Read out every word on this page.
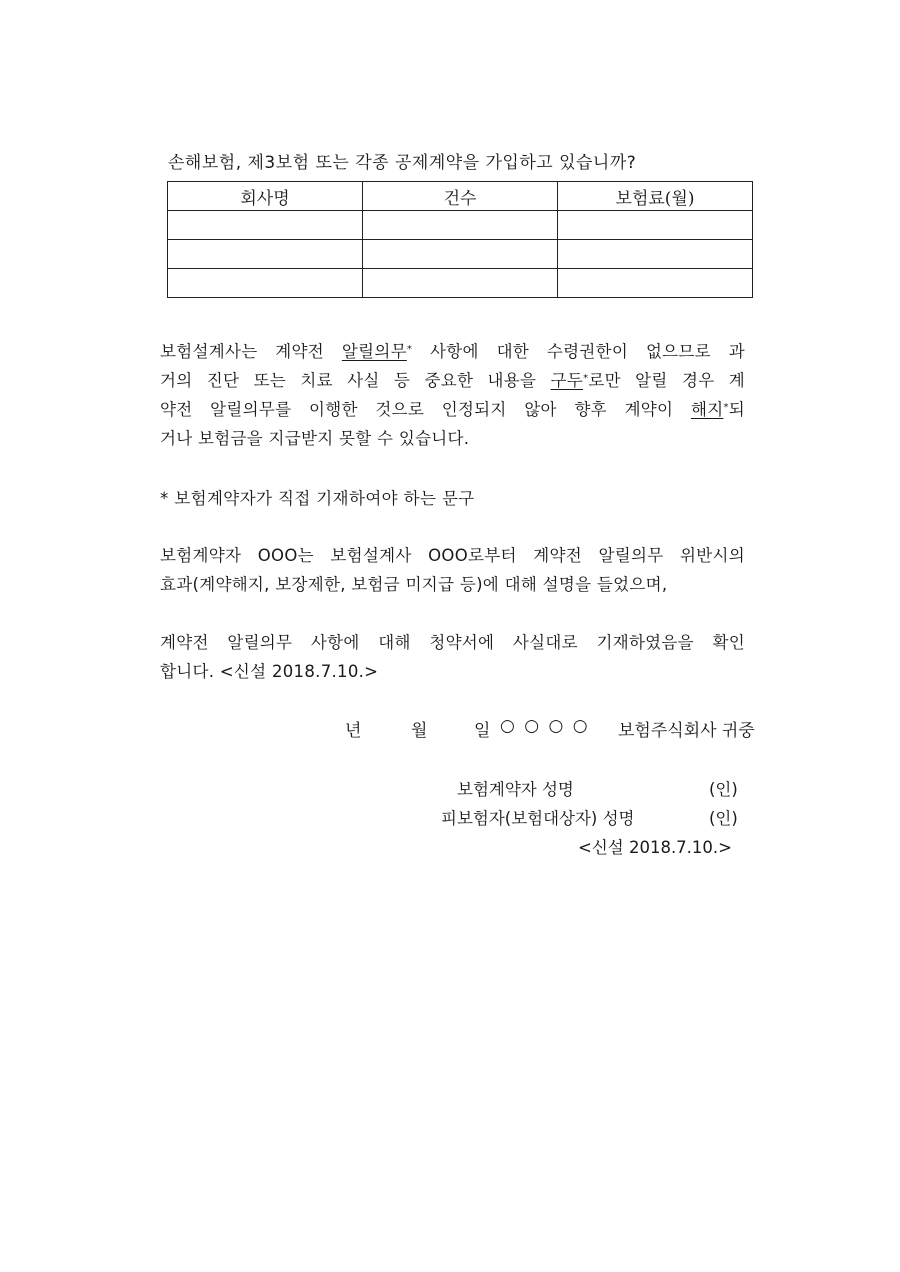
손해보험, 제3보험 또는 각종 공제계약을 가입하고 있습니까?
회사명	건수	보험료(월)

보험설계사는 계약전 알릴의무* 사항에 대한 수령권한이 없으므로 과
거의 진단 또는 치료 사실 등 중요한 내용을 구두*로만 알릴 경우 계
약전 알릴의무를 이행한 것으로 인정되지 않아 향후 계약이 해지*되
거나 보험금을 지급받지 못할 수 있습니다.
* 보험계약자가 직접 기재하여야 하는 문구
보험계약자 OOO는 보험설계사 OOO로부터 계약전 알릴의무 위반시의
효과(계약해지, 보장제한, 보험금 미지급 등)에 대해 설명을 들었으며,
계약전 알릴의무 사항에 대해 청약서에 사실대로 기재하였음을 확인
합니다. <신설 2018.7.10.>
년	월	일 ○ ○ ○ ○ 보험주식회사 귀중
보험계약자 성명	(인)
피보험자(보험대상자) 성명	(인)
<신설 2018.7.10.>
